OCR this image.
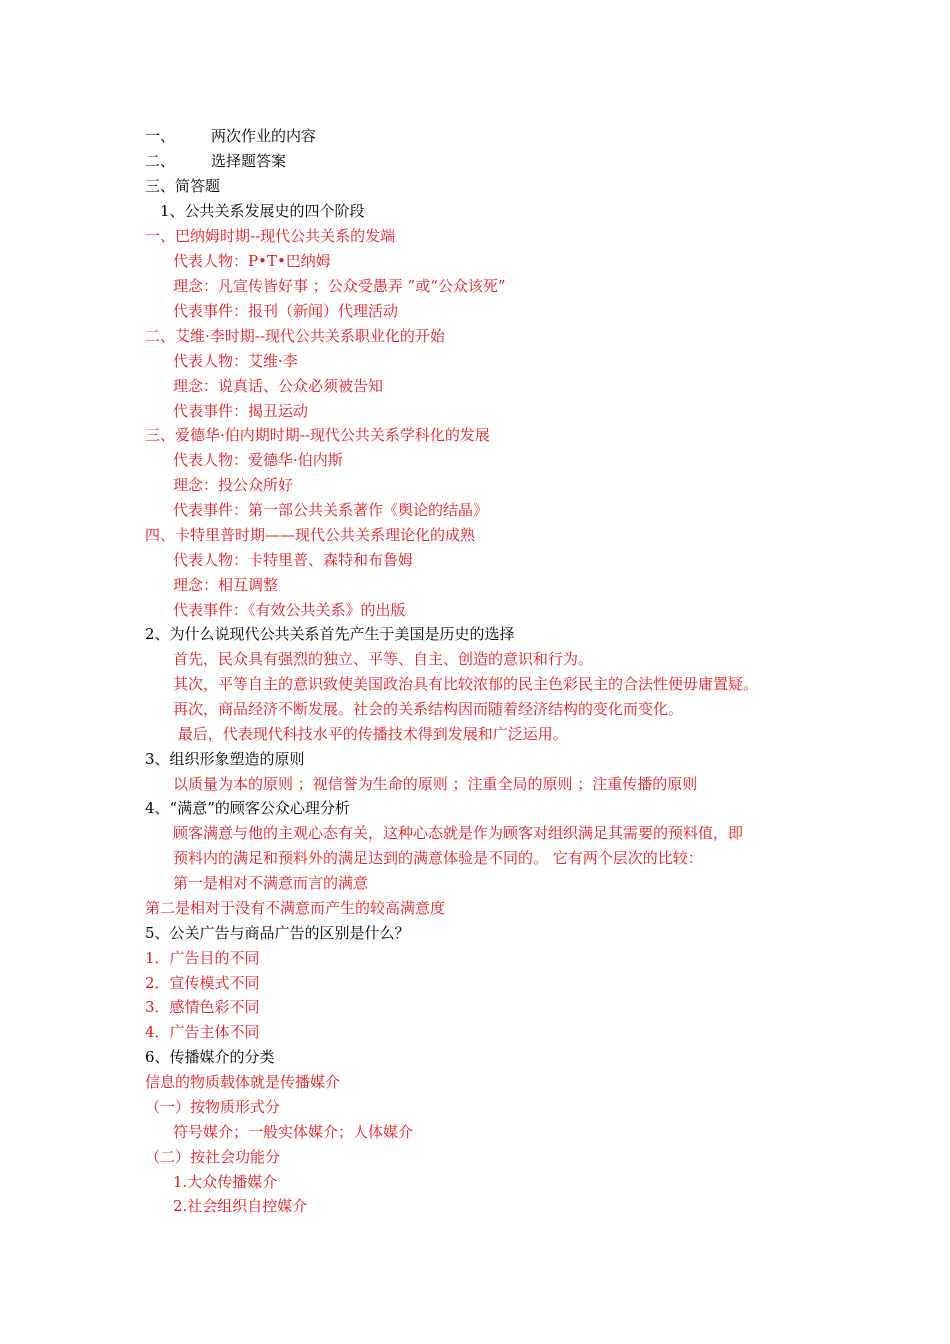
一、 两次作业的内容
二、 选择题答案
三、简答题
1、公共关系发展史的四个阶段
一、巴纳姆时期--现代公共关系的发端
代表人物：P•T•巴纳姆
理念：凡宣传皆好事 ；公众受愚弄 ”或“公众该死”
代表事件：报刊（新闻）代理活动
二、艾维·李时期--现代公共关系职业化的开始
代表人物：艾维·李
理念：说真话、公众必须被告知
代表事件：揭丑运动
三、爱德华·伯内期时期--现代公共关系学科化的发展
代表人物：爱德华·伯内斯
理念：投公众所好
代表事件：第一部公共关系著作《舆论的结晶》
四、卡特里普时期——现代公共关系理论化的成熟
代表人物：卡特里普、森特和布鲁姆
理念：相互调整
代表事件：《有效公共关系》的出版
2、为什么说现代公共关系首先产生于美国是历史的选择
首先，民众具有强烈的独立、平等、自主、创造的意识和行为。
其次，平等自主的意识致使美国政治具有比较浓郁的民主色彩民主的合法性便毋庸置疑。
再次，商品经济不断发展。社会的关系结构因而随着经济结构的变化而变化。
最后，代表现代科技水平的传播技术得到发展和广泛运用。
3、组织形象塑造的原则
以质量为本的原则 ；视信誉为生命的原则 ；注重全局的原则 ；注重传播的原则
4、“满意”的顾客公众心理分析
顾客满意与他的主观心态有关，这种心态就是作为顾客对组织满足其需要的预料值，即
预料内的满足和预料外的满足达到的满意体验是不同的。 它有两个层次的比较：
第一是相对不满意而言的满意
第二是相对于没有不满意而产生的较高满意度
5、公关广告与商品广告的区别是什么？
1．广告目的不同
2．宣传模式不同
3．感情色彩不同
4．广告主体不同
6、传播媒介的分类
信息的物质载体就是传播媒介
（一）按物质形式分
符号媒介；一般实体媒介；人体媒介
（二）按社会功能分
1.大众传播媒介
2.社会组织自控媒介
